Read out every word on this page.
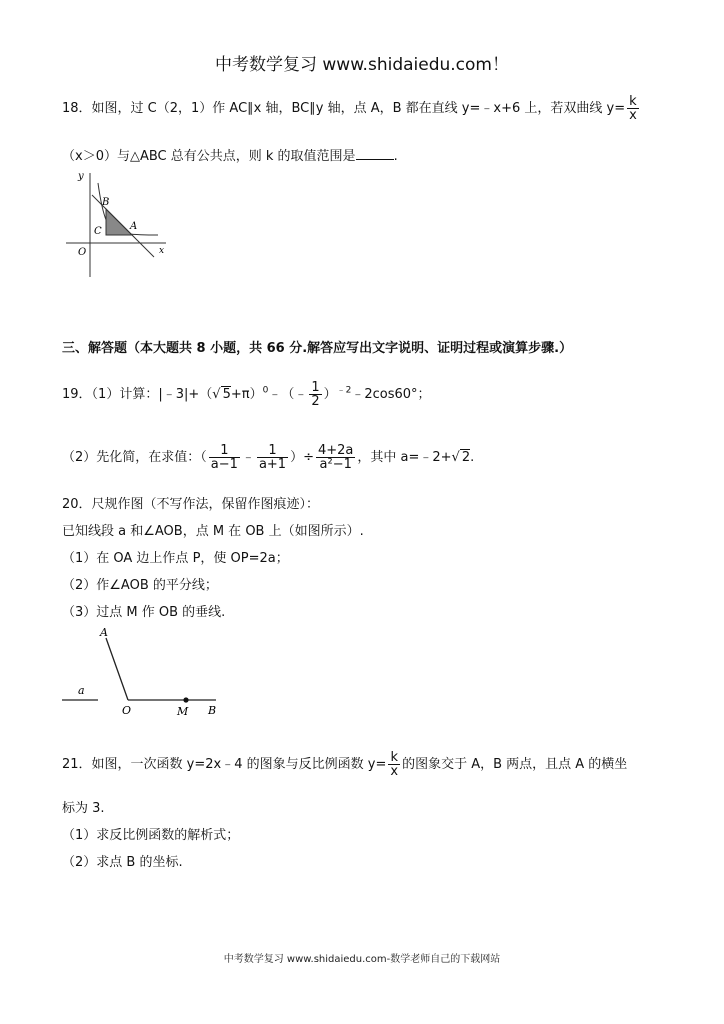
中考数学复习 www.shidaiedu.com！
18．如图，过 C（2，1）作 AC∥x 轴，BC∥y 轴，点 A，B 都在直线 y=﹣x+6 上，若双曲线 $y= \frac{k}{x}$
（x＞0）与△ABC 总有公共点，则 k 的取值范围是	.
y
x
B
C	A
O
三、解答题（本大题共 8 小题，共 66 分.解答应写出文字说明、证明过程或演算步骤.）
19．（1）计算：|﹣3|+（√ 5+π）$^0$﹣（﹣ $\frac{1}{2}$ ）$^{﹣2}$﹣2cos60°；
（2）先化简，在求值：（ $\frac{1}{a-1}$ ﹣ $\frac{1}{a+1}$ ）÷ $\frac{4+2a}{\text{a²−1}}$ ，其中 a=﹣2+√ 2.
20．尺规作图（不写作法，保留作图痕迹）：
已知线段 a 和∠AOB，点 M 在 OB 上（如图所示）.
（1）在 OA 边上作点 P，使 OP=2a；
（2）作∠AOB 的平分线；
（3）过点 M 作 OB 的垂线.
A
a
O	M B
21．如图，一次函数 y=2x﹣4 的图象与反比例函数 $y= \frac{k}{x}$ 的图象交于 A，B 两点，且点 A 的横坐
标为 3.
（1）求反比例函数的解析式；
（2）求点 B 的坐标.
中考数学复习 www.shidaiedu.com-数学老师自己的下载网站
